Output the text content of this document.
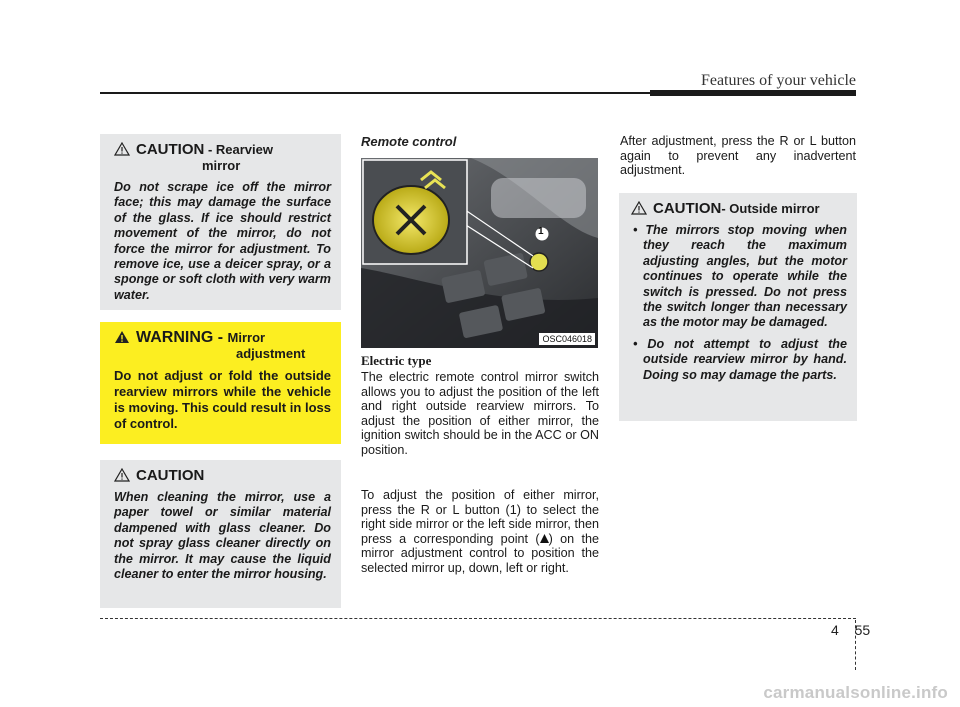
Features of your vehicle
CAUTION - Rearview
mirror
Do not scrape ice off the mirror face; this may damage the surface of the glass. If ice should restrict movement of the mirror, do not force the mirror for adjustment. To remove ice, use a deicer spray, or a sponge or soft cloth with very warm water.
WARNING - Mirror
adjustment
Do not adjust or fold the outside rearview mirrors while the vehicle is moving. This could result in loss of control.
CAUTION
When cleaning the mirror, use a paper towel or similar material dampened with glass cleaner. Do not spray glass cleaner directly on the mirror. It may cause the liquid cleaner to enter the mirror housing.
Remote control
1
OSC046018
Electric type

The electric remote control mirror switch allows you to adjust the position of the left and right outside rearview mirrors. To adjust the position of either mirror, the ignition switch should be in the ACC or ON position.

To adjust the position of either mirror, press the R or L button (1) to select the right side mirror or the left side mirror, then press a corresponding point ( ) on the mirror adjustment control to position the selected mirror up, down, left or right.

After adjustment, press the R or L button again to prevent any inadvertent adjustment.

CAUTION - Outside mirror
• The mirrors stop moving when they reach the maximum adjusting angles, but the motor continues to operate while the switch is pressed. Do not press the switch longer than necessary as the motor may be damaged.
• Do not attempt to adjust the outside rearview mirror by hand. Doing so may damage the parts.
4 55
carmanualsonline.info
